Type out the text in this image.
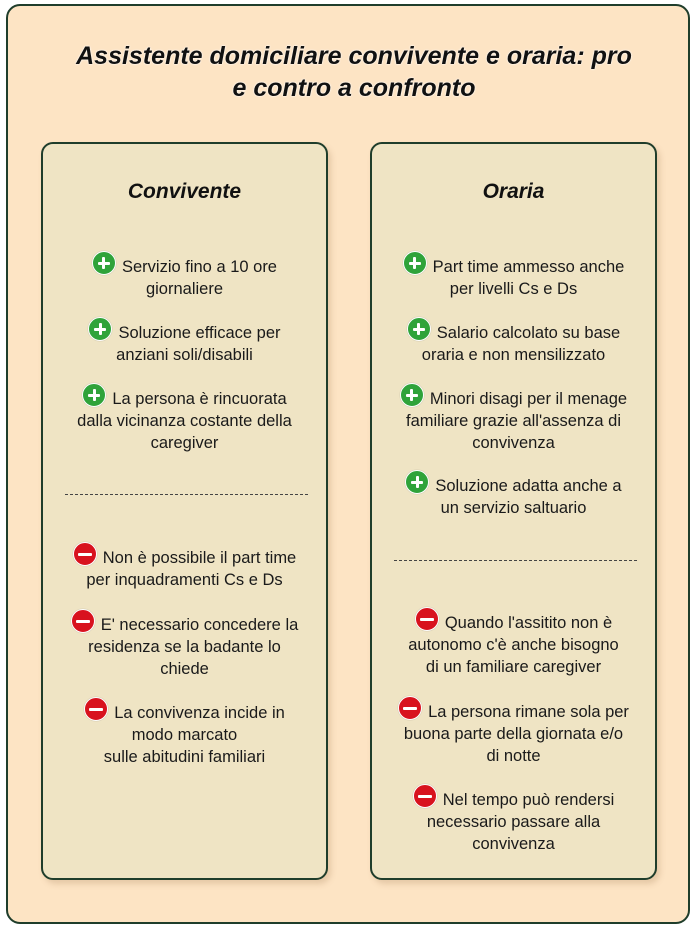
Assistente domiciliare convivente e oraria: pro
e contro a confronto
Convivente
Servizio fino a 10 ore
giornaliere
Soluzione efficace per
anziani soli/disabili
La persona è rincuorata
dalla vicinanza costante della
caregiver
Non è possibile il part time
per inquadramenti Cs e Ds
E' necessario concedere la
residenza se la badante lo
chiede
La convivenza incide in
modo marcato
sulle abitudini familiari
Oraria
Part time ammesso anche
per livelli Cs e Ds
Salario calcolato su base
oraria e non mensilizzato
Minori disagi per il menage
familiare grazie all'assenza di
convivenza
Soluzione adatta anche a
un servizio saltuario
Quando l'assitito non è
autonomo c'è anche bisogno
di un familiare caregiver
La persona rimane sola per
buona parte della giornata e/o
di notte
Nel tempo può rendersi
necessario passare alla
convivenza
